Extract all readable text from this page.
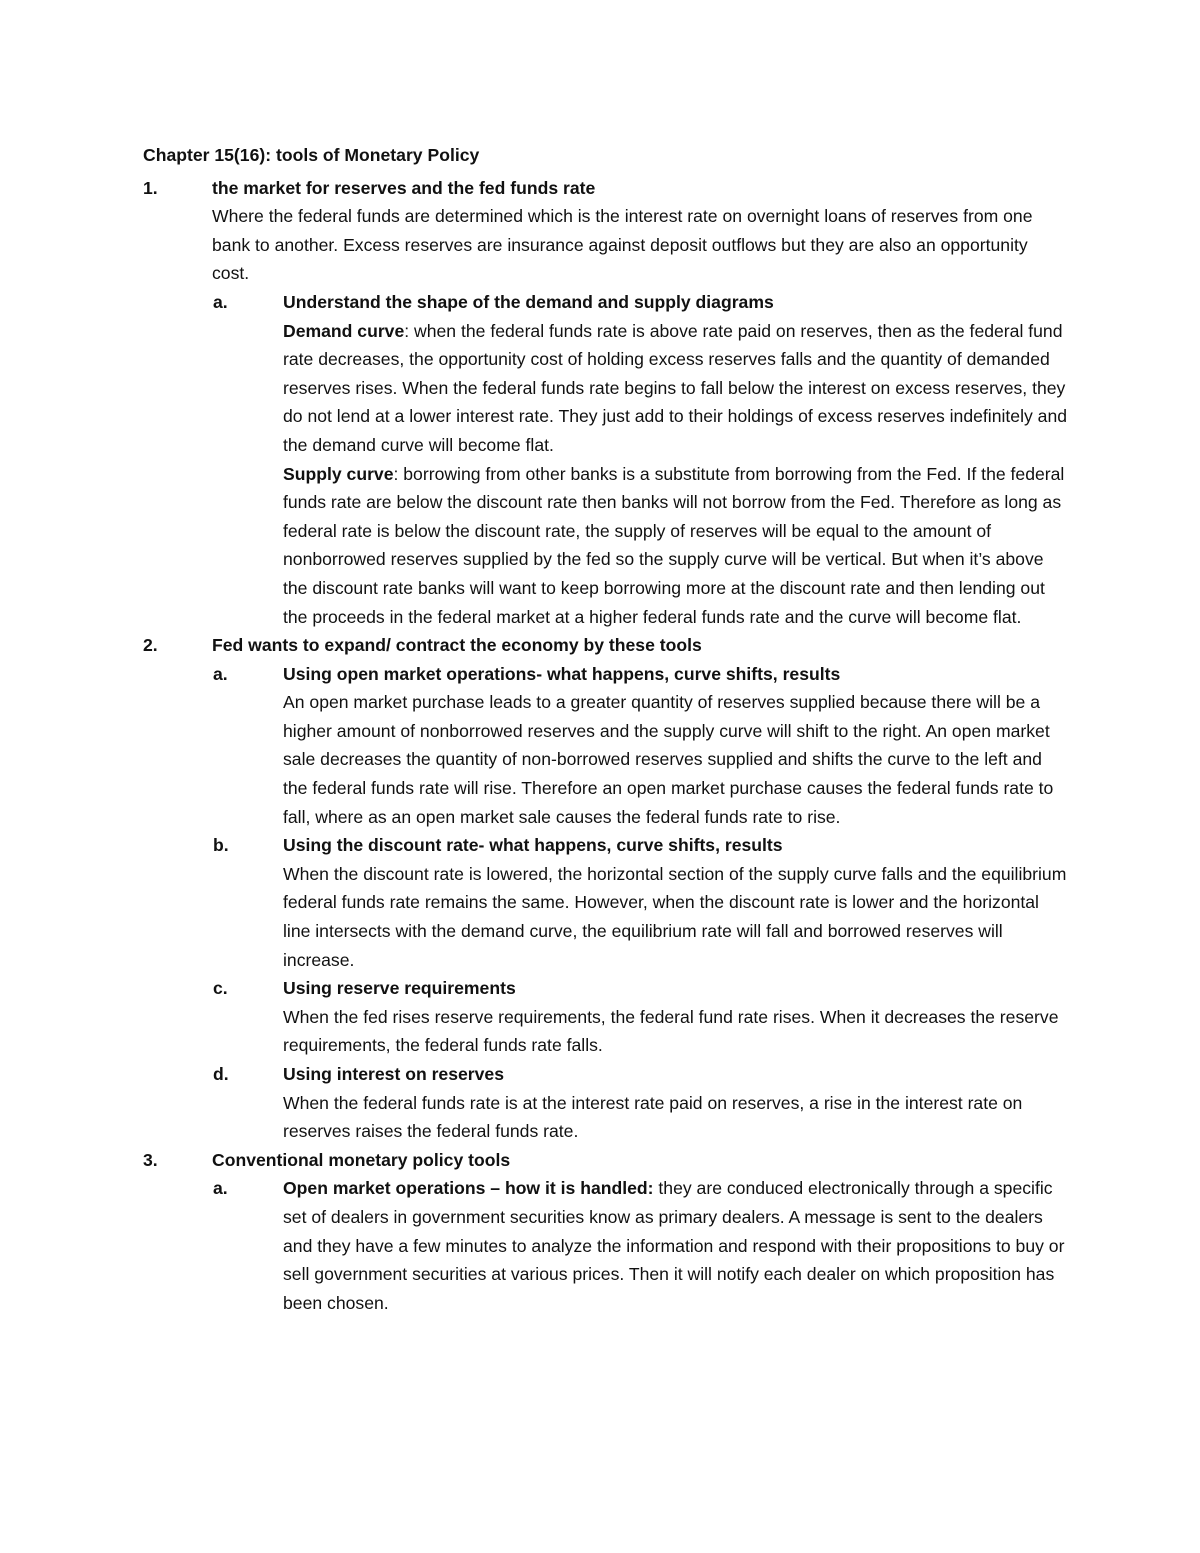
Chapter 15(16): tools of Monetary Policy
1.	the market for reserves and the fed funds rate

Where the federal funds are determined which is the interest rate on overnight loans of reserves from one bank to another. Excess reserves are insurance against deposit outflows but they are also an opportunity cost.

a.	Understand the shape of the demand and supply diagrams

Demand curve: when the federal funds rate is above rate paid on reserves, then as the federal fund rate decreases, the opportunity cost of holding excess reserves falls and the quantity of demanded reserves rises. When the federal funds rate begins to fall below the interest on excess reserves, they do not lend at a lower interest rate. They just add to their holdings of excess reserves indefinitely and the demand curve will become flat.

Supply curve: borrowing from other banks is a substitute from borrowing from the Fed. If the federal funds rate are below the discount rate then banks will not borrow from the Fed. Therefore as long as federal rate is below the discount rate, the supply of reserves will be equal to the amount of nonborrowed reserves supplied by the fed so the supply curve will be vertical. But when it’s above the discount rate banks will want to keep borrowing more at the discount rate and then lending out the proceeds in the federal market at a higher federal funds rate and the curve will become flat.

2.	Fed wants to expand/ contract the economy by these tools
a.	Using open market operations- what happens, curve shifts, results

An open market purchase leads to a greater quantity of reserves supplied because there will be a higher amount of nonborrowed reserves and the supply curve will shift to the right. An open market sale decreases the quantity of non-borrowed reserves supplied and shifts the curve to the left and the federal funds rate will rise. Therefore an open market purchase causes the federal funds rate to fall, where as an open market sale causes the federal funds rate to rise.

b.	Using the discount rate- what happens, curve shifts, results

When the discount rate is lowered, the horizontal section of the supply curve falls and the equilibrium federal funds rate remains the same. However, when the discount rate is lower and the horizontal line intersects with the demand curve, the equilibrium rate will fall and borrowed reserves will increase.

c.	Using reserve requirements

When the fed rises reserve requirements, the federal fund rate rises. When it decreases the reserve requirements, the federal funds rate falls.

d.	Using interest on reserves

When the federal funds rate is at the interest rate paid on reserves, a rise in the interest rate on reserves raises the federal funds rate.

3.	Conventional monetary policy tools
a.	Open market operations – how it is handled: they are conduced electronically through a specific set of dealers in government securities know as primary dealers. A message is sent to the dealers and they have a few minutes to analyze the information and respond with their propositions to buy or sell government securities at various prices. Then it will notify each dealer on which proposition has been chosen.
